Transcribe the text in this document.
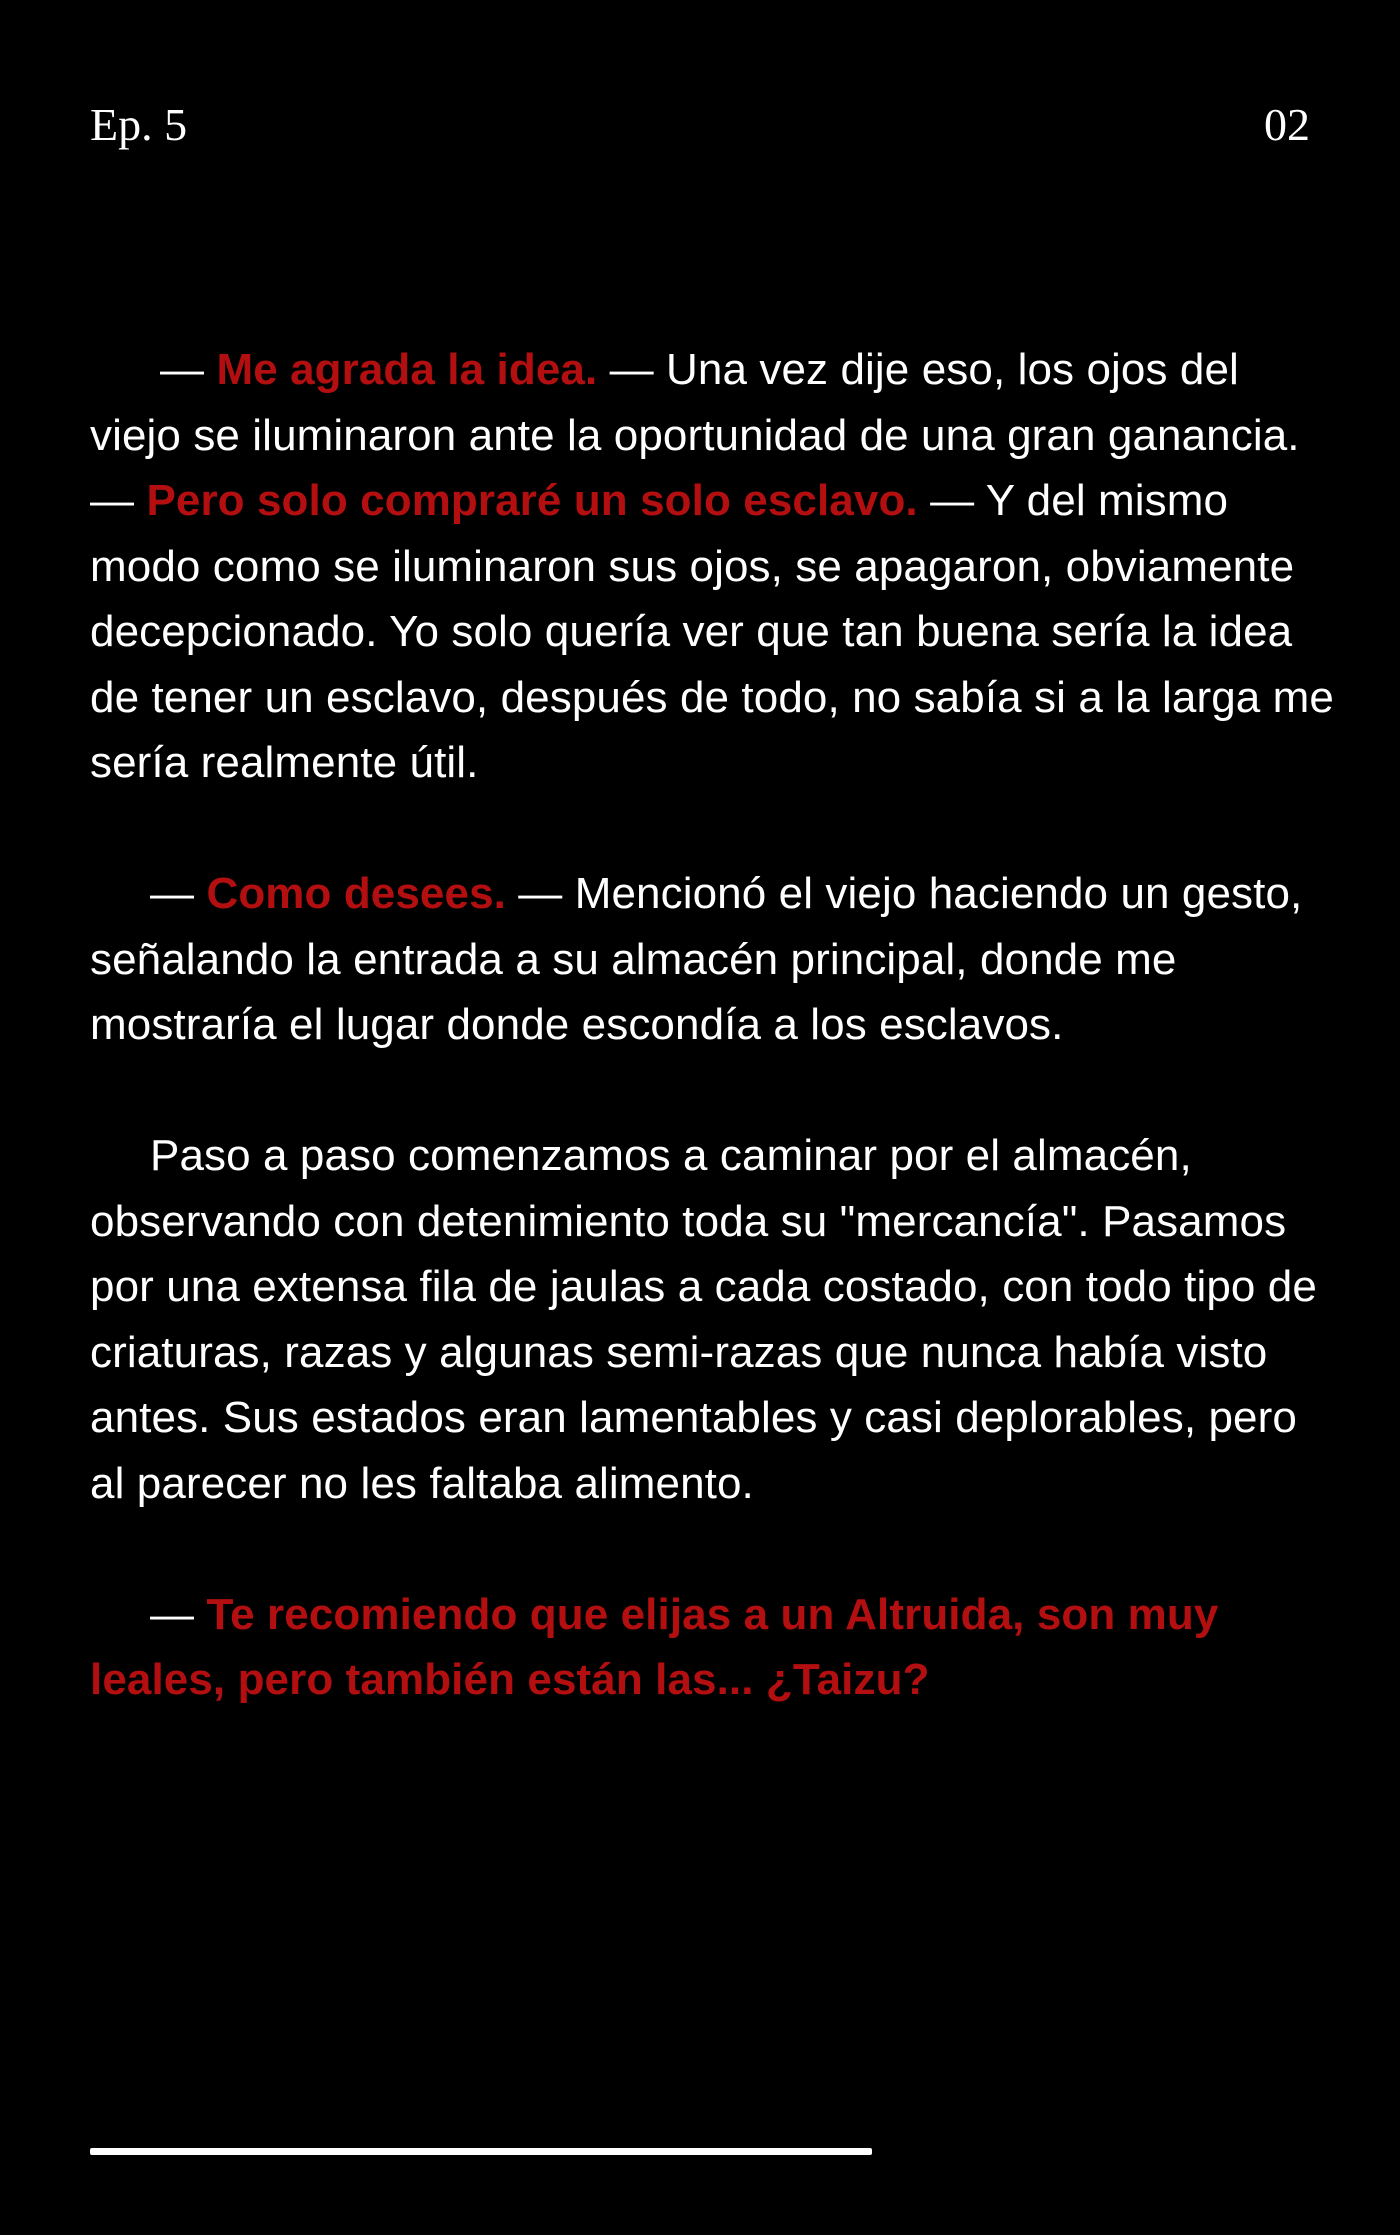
Ep. 5	02

— Me agrada la idea. — Una vez dije eso, los ojos del viejo se iluminaron ante la oportunidad de una gran ganancia. — Pero solo compraré un solo esclavo. — Y del mismo modo como se iluminaron sus ojos, se apagaron, obviamente decepcionado. Yo solo quería ver que tan buena sería la idea de tener un esclavo, después de todo, no sabía si a la larga me sería realmente útil.

— Como desees. — Mencionó el viejo haciendo un gesto, señalando la entrada a su almacén principal, donde me mostraría el lugar donde escondía a los esclavos.

Paso a paso comenzamos a caminar por el almacén, observando con detenimiento toda su "mercancía". Pasamos por una extensa fila de jaulas a cada costado, con todo tipo de criaturas, razas y algunas semi-razas que nunca había visto antes. Sus estados eran lamentables y casi deplorables, pero al parecer no les faltaba alimento.

— Te recomiendo que elijas a un Altruida, son muy leales, pero también están las... ¿Taizu?
